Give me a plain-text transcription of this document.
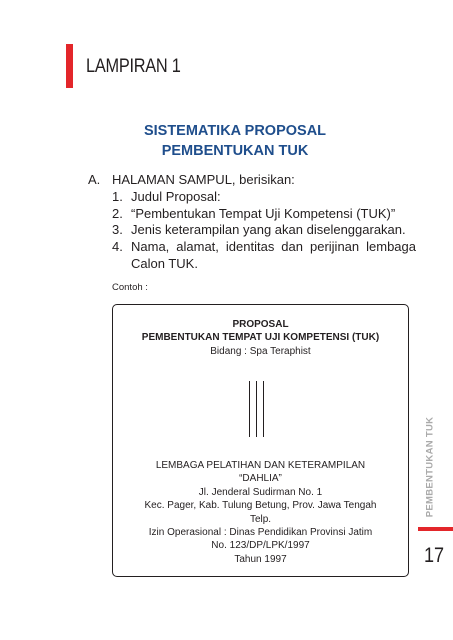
LAMPIRAN 1
SISTEMATIKA PROPOSAL
PEMBENTUKAN TUK
A. HALAMAN SAMPUL, berisikan:
1. Judul Proposal:
2. “Pembentukan Tempat Uji Kompetensi (TUK)”
3. Jenis keterampilan yang akan diselenggarakan.
4. Nama, alamat, identitas dan perijinan lembaga Calon TUK.
Contoh :
PROPOSAL
PEMBENTUKAN TEMPAT UJI KOMPETENSI (TUK)
Bidang : Spa Teraphist
LEMBAGA PELATIHAN DAN KETERAMPILAN
“DAHLIA”
Jl. Jenderal Sudirman No. 1
Kec. Pager, Kab. Tulung Betung, Prov. Jawa Tengah
Telp.
Izin Operasional : Dinas Pendidikan Provinsi Jatim
No. 123/DP/LPK/1997
Tahun 1997
PEMBENTUKAN TUK
17
